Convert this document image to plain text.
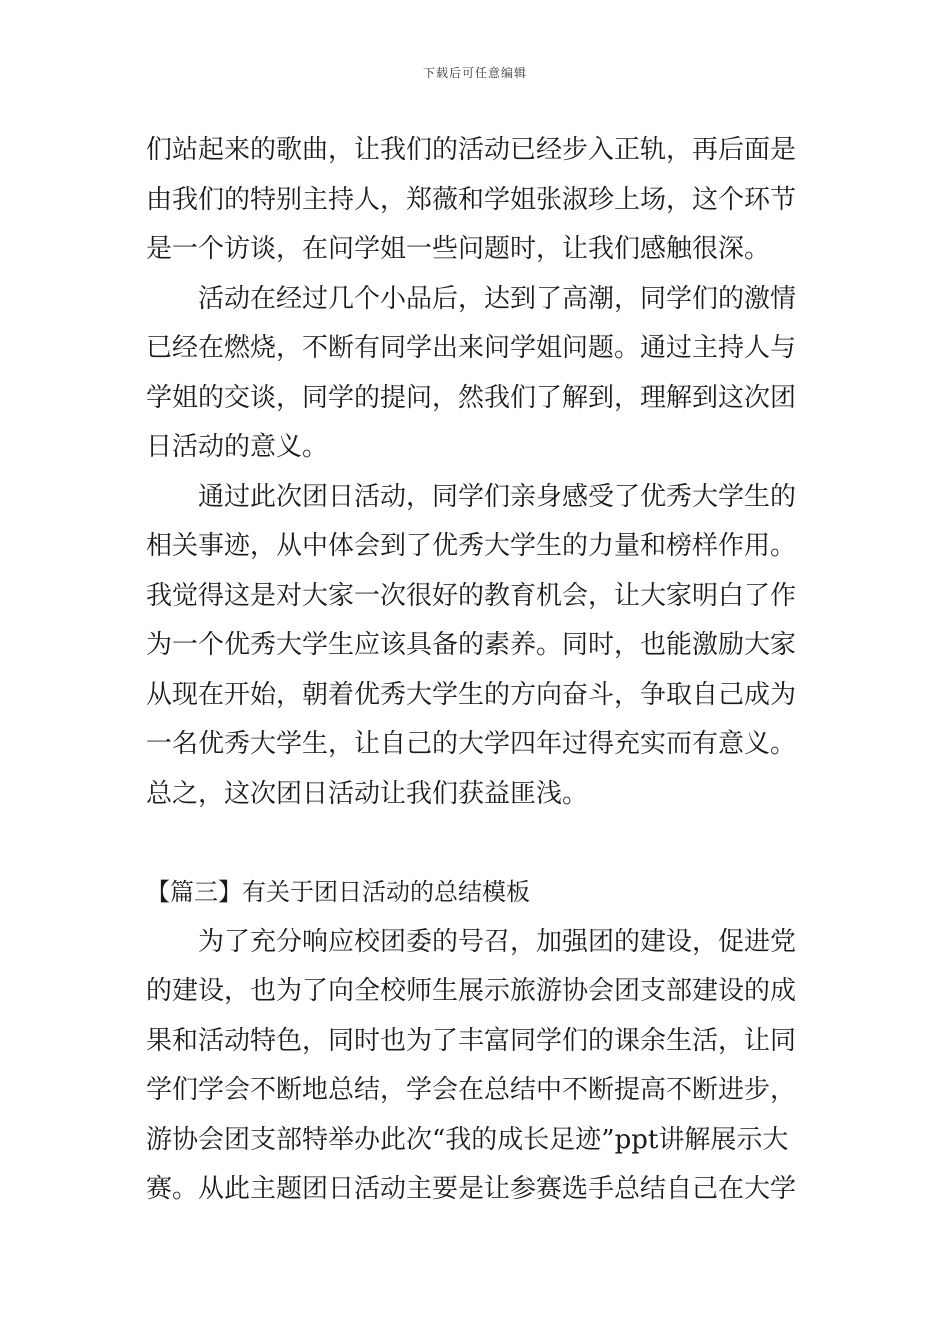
下载后可任意编辑
们站起来的歌曲，让我们的活动已经步入正轨，再后面是
由我们的特别主持人，郑薇和学姐张淑珍上场，这个环节
是一个访谈，在问学姐一些问题时，让我们感触很深。
活动在经过几个小品后，达到了高潮，同学们的激情
已经在燃烧，不断有同学出来问学姐问题。通过主持人与
学姐的交谈，同学的提问，然我们了解到，理解到这次团
日活动的意义。
通过此次团日活动，同学们亲身感受了优秀大学生的
相关事迹，从中体会到了优秀大学生的力量和榜样作用。
我觉得这是对大家一次很好的教育机会，让大家明白了作
为一个优秀大学生应该具备的素养。同时，也能激励大家
从现在开始，朝着优秀大学生的方向奋斗，争取自己成为
一名优秀大学生，让自己的大学四年过得充实而有意义。
总之，这次团日活动让我们获益匪浅。
【篇三】有关于团日活动的总结模板
为了充分响应校团委的号召，加强团的建设，促进党
的建设，也为了向全校师生展示旅游协会团支部建设的成
果和活动特色，同时也为了丰富同学们的课余生活，让同
学们学会不断地总结，学会在总结中不断提高不断进步，
游协会团支部特举办此次“我的成长足迹”ppt讲解展示大
赛。从此主题团日活动主要是让参赛选手总结自己在大学
